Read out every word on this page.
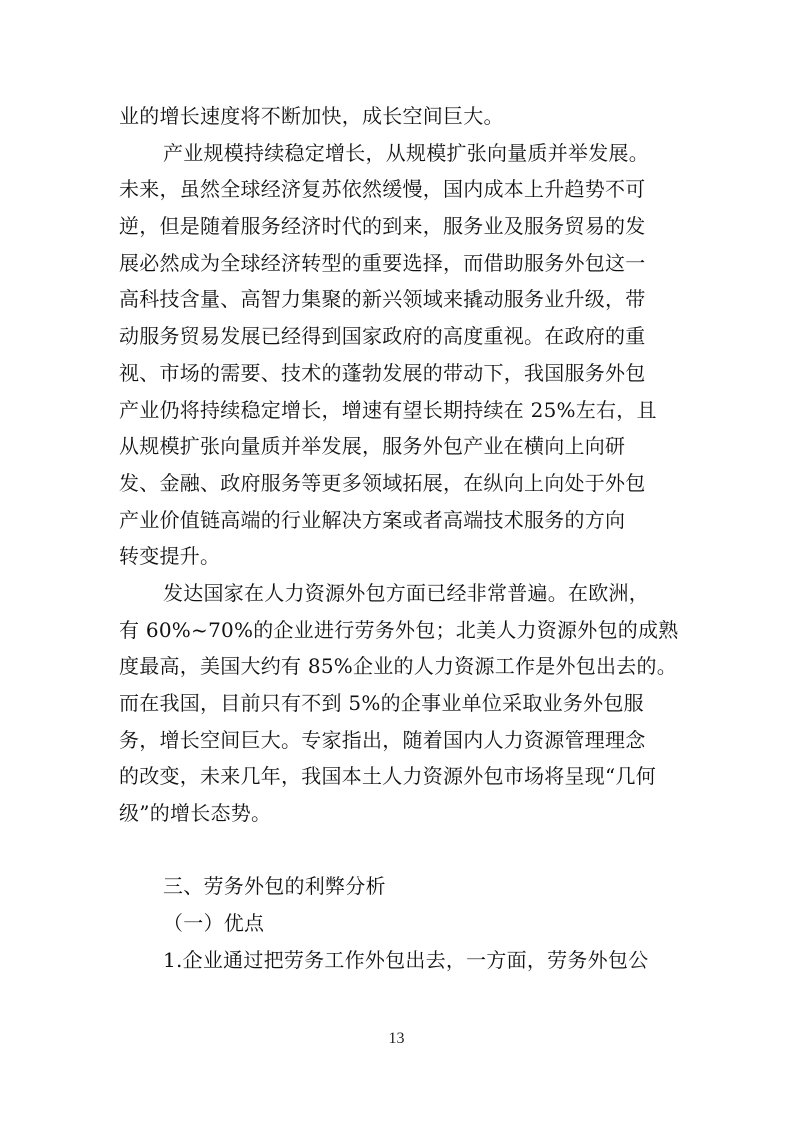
业的增长速度将不断加快，成长空间巨大。
产业规模持续稳定增长，从规模扩张向量质并举发展。
未来，虽然全球经济复苏依然缓慢，国内成本上升趋势不可
逆，但是随着服务经济时代的到来，服务业及服务贸易的发
展必然成为全球经济转型的重要选择，而借助服务外包这一
高科技含量、高智力集聚的新兴领域来撬动服务业升级，带
动服务贸易发展已经得到国家政府的高度重视。在政府的重
视、市场的需要、技术的蓬勃发展的带动下，我国服务外包
产业仍将持续稳定增长，增速有望长期持续在 25%左右，且
从规模扩张向量质并举发展，服务外包产业在横向上向研
发、金融、政府服务等更多领域拓展，在纵向上向处于外包
产业价值链高端的行业解决方案或者高端技术服务的方向
转变提升。
发达国家在人力资源外包方面已经非常普遍。在欧洲，
有 60%~70%的企业进行劳务外包；北美人力资源外包的成熟
度最高，美国大约有 85%企业的人力资源工作是外包出去的。
而在我国，目前只有不到 5%的企事业单位采取业务外包服
务，增长空间巨大。专家指出，随着国内人力资源管理理念
的改变，未来几年，我国本土人力资源外包市场将呈现“几何
级”的增长态势。
三、劳务外包的利弊分析
（一）优点
1.企业通过把劳务工作外包出去，一方面，劳务外包公
13
